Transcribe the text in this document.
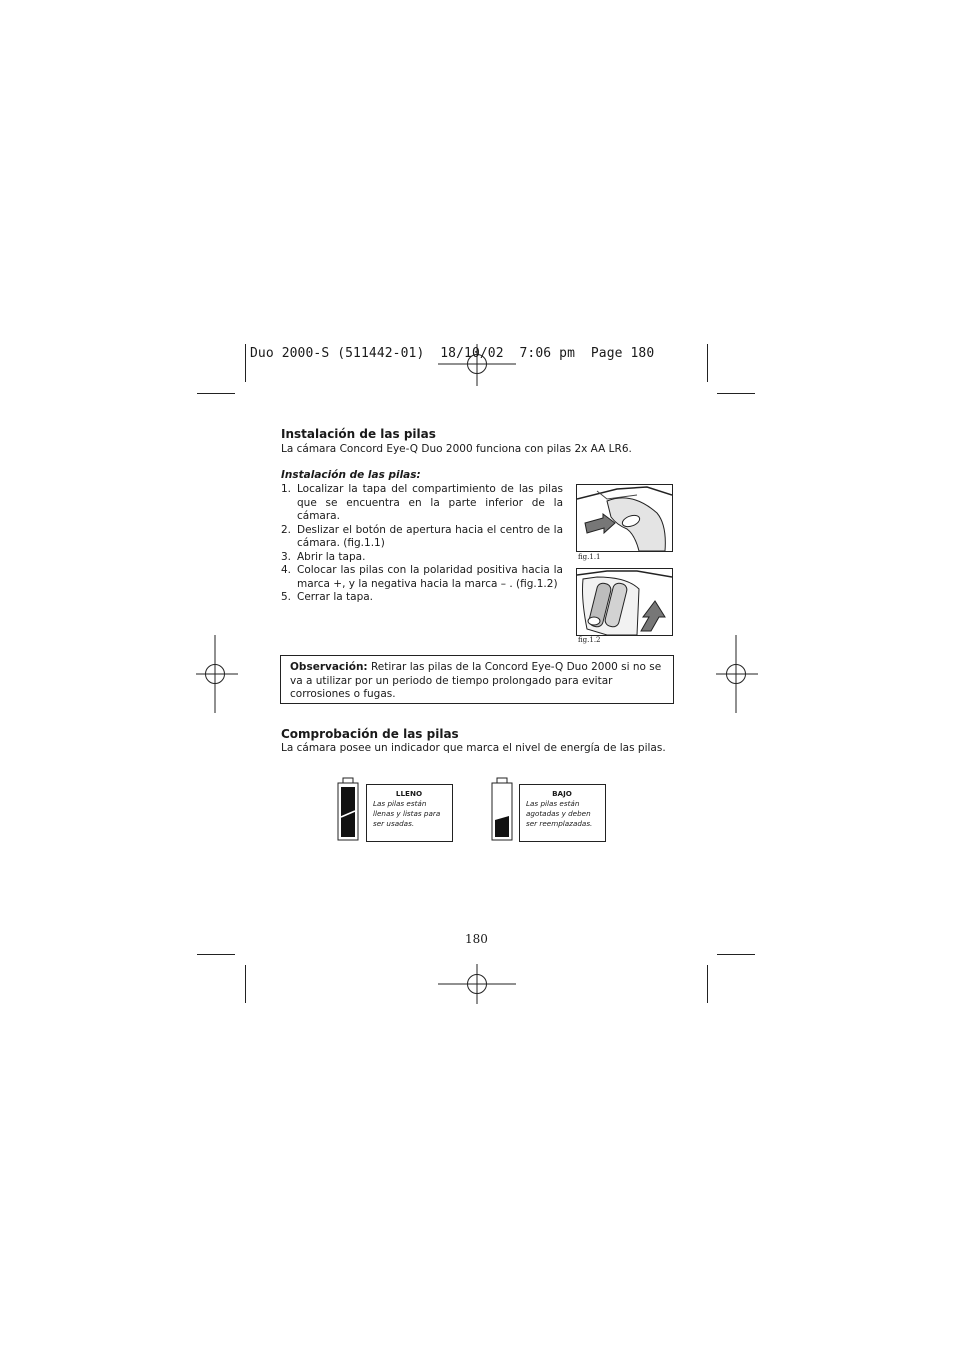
Duo 2000-S (511442-01)  18/10/02  7:06 pm  Page 180
Instalación de las pilas
La cámara Concord Eye-Q Duo 2000 funciona con pilas 2x AA LR6.
Instalación de las pilas:
1. Localizar la tapa del compartimiento de las pilas que se encuentra en la parte inferior de la cámara.
2. Deslizar el botón de apertura hacia el centro de la cámara. (fig.1.1)
3. Abrir la tapa.
4. Colocar las pilas con la polaridad positiva hacia la marca +, y la negativa hacia la marca – . (fig.1.2)
5. Cerrar la tapa.
fig.1.1
fig.1.2
Observación: Retirar las pilas de la Concord Eye-Q Duo 2000 si no se va a utilizar por un periodo de tiempo prolongado para evitar corrosiones o fugas.
Comprobación de las pilas
La cámara posee un indicador que marca el nivel de energía de las pilas.
LLENO
Las pilas están llenas y listas para ser usadas.
BAJO
Las pilas están agotadas y deben ser reemplazadas.
180
